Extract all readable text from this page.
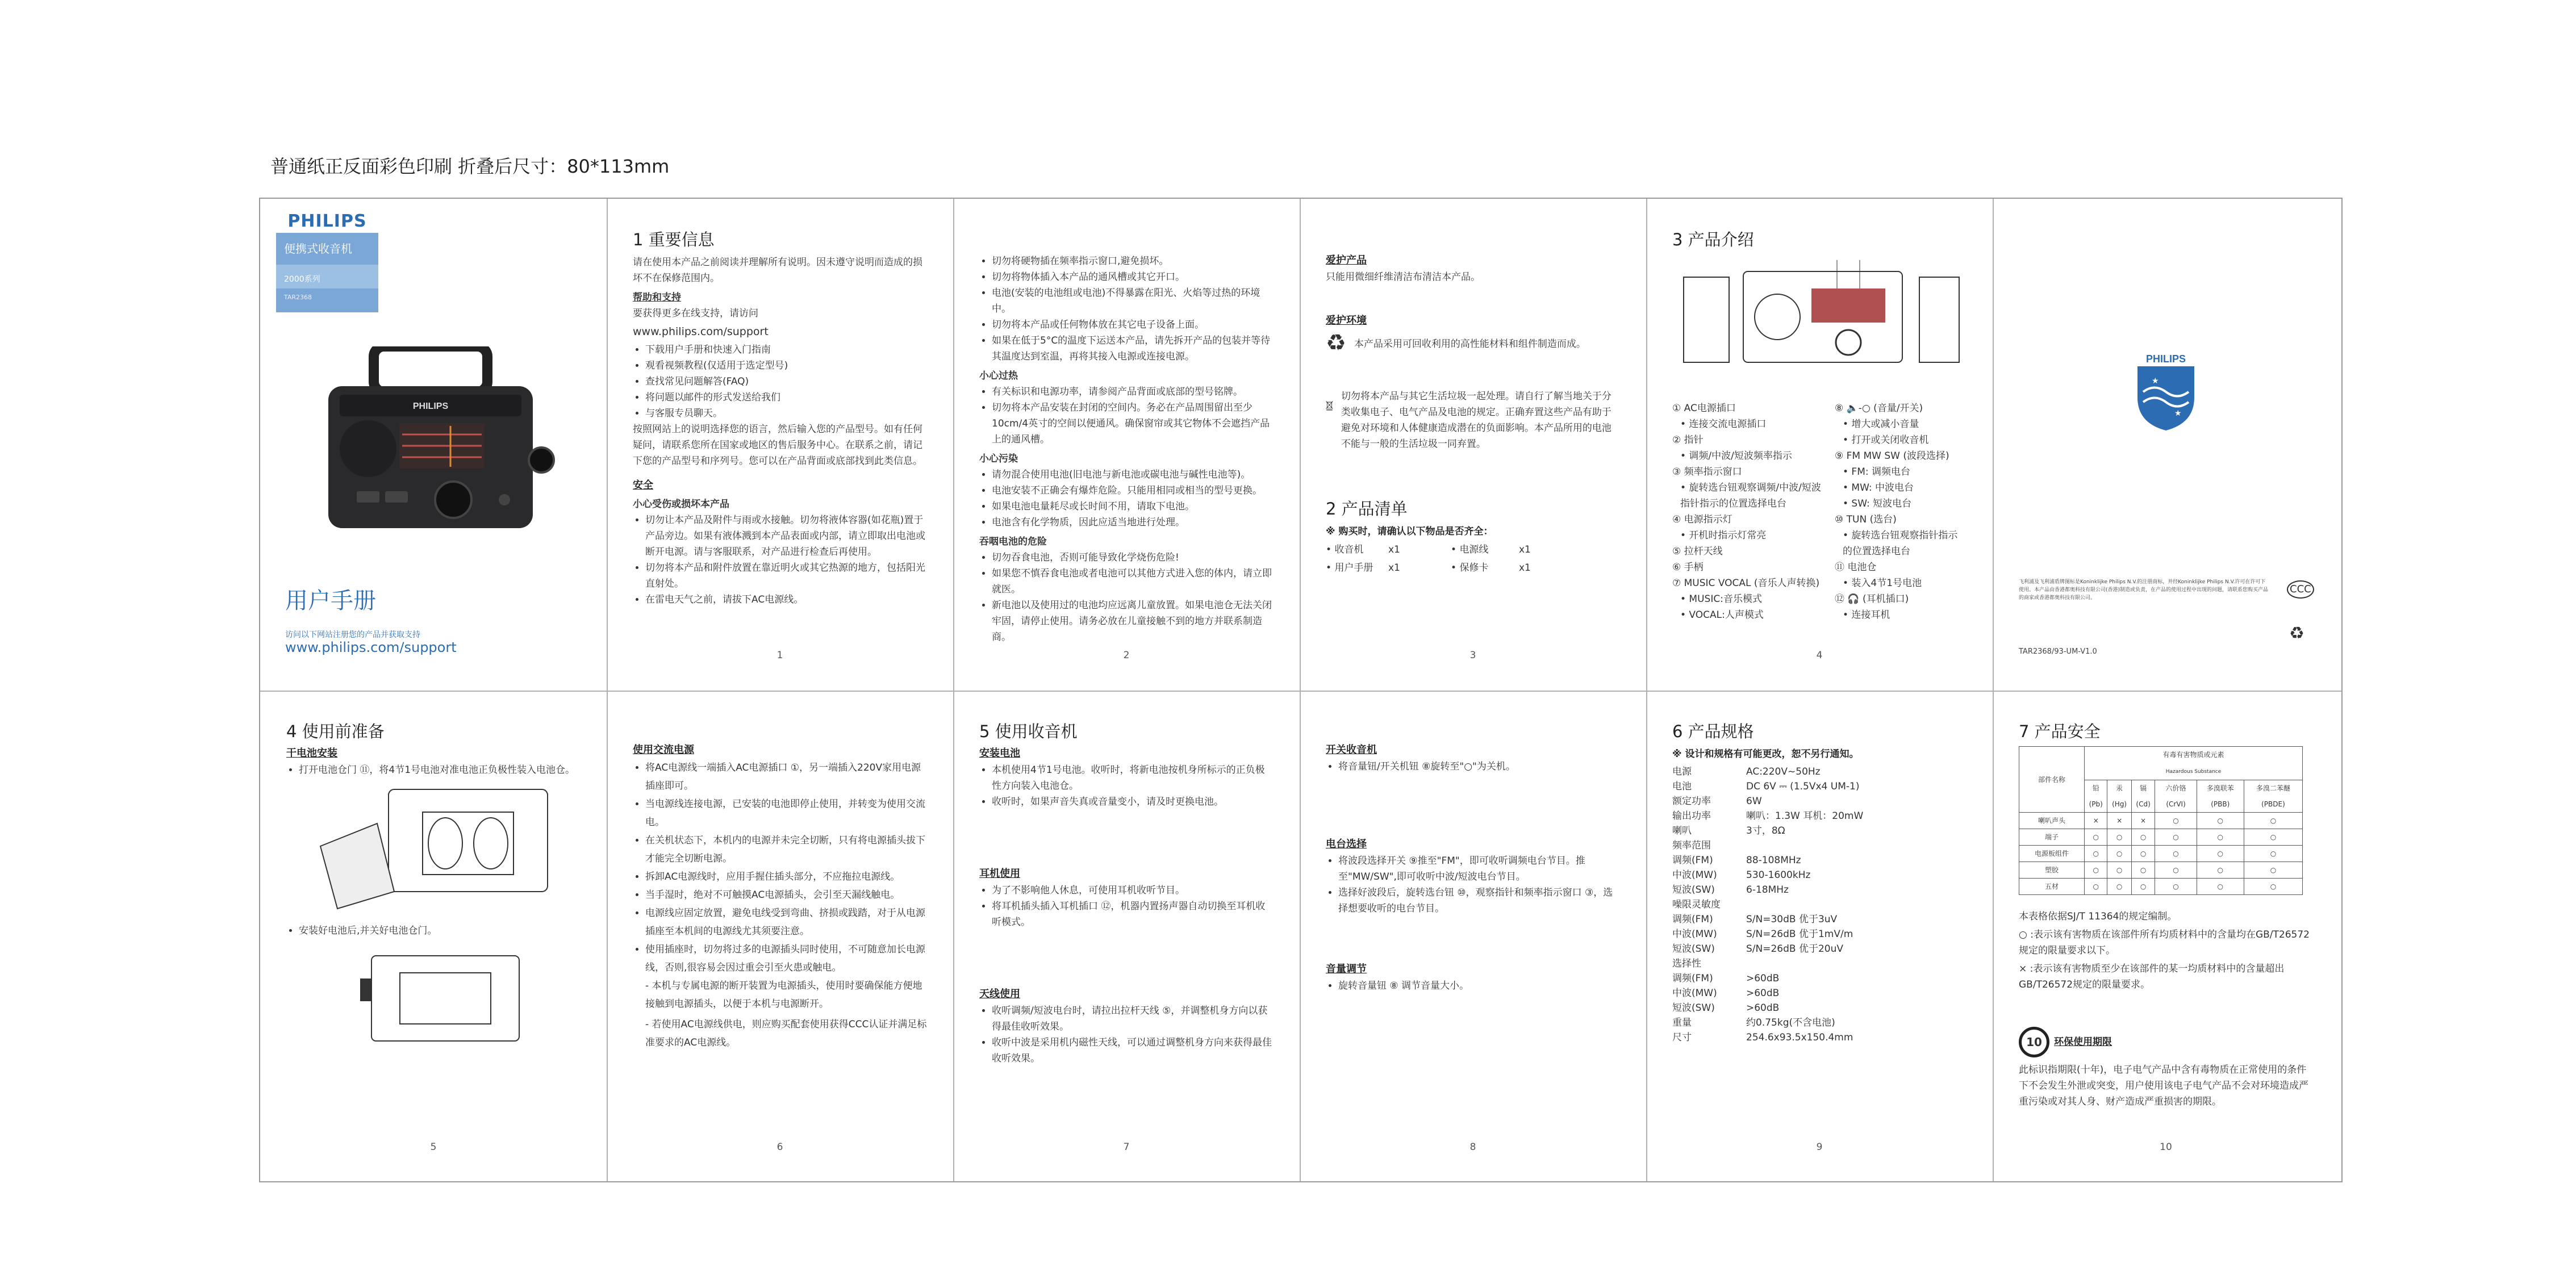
普通纸正反面彩色印刷 折叠后尺寸：80*113mm
PHILIPS
便携式收音机
2000系列
TAR2368
PHILIPS
用户手册
访问以下网站注册您的产品并获取支持
www.philips.com/support
1 重要信息

请在使用本产品之前阅读并理解所有说明。因未遵守说明而造成的损坏不在保修范围内。

帮助和支持

要获得更多在线支持，请访问

www.philips.com/support

• 下载用户手册和快速入门指南
• 观看视频教程(仅适用于选定型号)
• 查找常见问题解答(FAQ)
• 将问题以邮件的形式发送给我们
• 与客服专员聊天。

按照网站上的说明选择您的语言，然后输入您的产品型号。如有任何疑问，请联系您所在国家或地区的售后服务中心。在联系之前，请记下您的产品型号和序列号。您可以在产品背面或底部找到此类信息。

安全
小心受伤或损坏本产品
• 切勿让本产品及附件与雨或水接触。切勿将液体容器(如花瓶)置于产品旁边。如果有液体溅到本产品表面或内部，请立即取出电池或断开电源。请与客服联系，对产品进行检查后再使用。
• 切勿将本产品和附件放置在靠近明火或其它热源的地方，包括阳光直射处。
• 在雷电天气之前，请拔下AC电源线。
1
• 切勿将硬物插在频率指示窗口,避免损坏。
• 切勿将物体插入本产品的通风槽或其它开口。
• 电池(安装的电池组或电池)不得暴露在阳光、火焰等过热的环境中。
• 切勿将本产品或任何物体放在其它电子设备上面。
• 如果在低于5°C的温度下运送本产品，请先拆开产品的包装并等待其温度达到室温，再将其接入电源或连接电源。
小心过热
• 有关标识和电源功率，请参阅产品背面或底部的型号铭牌。
• 切勿将本产品安装在封闭的空间内。务必在产品周围留出至少10cm/4英寸的空间以便通风。确保窗帘或其它物体不会遮挡产品上的通风槽。
小心污染
• 请勿混合使用电池(旧电池与新电池或碳电池与碱性电池等)。
• 电池安装不正确会有爆炸危险。只能用相同或相当的型号更换。
• 如果电池电量耗尽或长时间不用，请取下电池。
• 电池含有化学物质，因此应适当地进行处理。
吞咽电池的危险
• 切勿吞食电池，否则可能导致化学烧伤危险!
• 如果您不慎吞食电池或者电池可以其他方式进入您的体内，请立即就医。
• 新电池以及使用过的电池均应远离儿童放置。如果电池仓无法关闭牢固，请停止使用。请务必放在儿童接触不到的地方并联系制造商。
2
爱护产品

只能用微细纤维清洁布清洁本产品。

爱护环境
♻ 本产品采用可回收利用的高性能材料和组件制造而成。

切勿将本产品与其它生活垃圾一起处理。请自行了解当地关于分类收集电子、电气产品及电池的规定。正确弃置这些产品有助于避免对环境和人体健康造成潜在的负面影响。本产品所用的电池不能与一般的生活垃圾一同弃置。

2 产品清单

※ 购买时，请确认以下物品是否齐全：

• 收音机	x1	• 电源线	x1
• 用户手册	x1	• 保修卡	x1
3
3 产品介绍
① AC电源插口
• 连接交流电源插口
② 指针
• 调频/中波/短波频率指示
③ 频率指示窗口
• 旋转选台钮观察调频/中波/短波指针指示的位置选择电台
④ 电源指示灯
• 开机时指示灯常亮
⑤ 拉杆天线
⑥ 手柄
⑦ MUSIC VOCAL (音乐人声转换)
• MUSIC:音乐模式
• VOCAL:人声模式
⑧ 🔈-○ (音量/开关)
• 增大或减小音量
• 打开或关闭收音机
⑨ FM MW SW (波段选择)
• FM: 调频电台
• MW: 中波电台
• SW: 短波电台
⑩ TUN (选台)
• 旋转选台钮观察指针指示的位置选择电台
⑪ 电池仓
• 装入4节1号电池
⑫ 🎧 (耳机插口)
• 连接耳机
4
PHILIPS
★
★

飞利浦及飞利浦盾牌图标是Koninklijke Philips N.V.的注册商标，并经Koninklijke Philips N.V.许可在许可下使用。本产品由香港都奥科技有限公司(香港)制造或负责，在产品的使用过程中出现的问题，请联系您购买产品的商家或香港都奥科技有限公司。

CCC
TAR2368/93-UM-V1.0
♻
4 使用前准备
干电池安装
• 打开电池仓门 ⑪，将4节1号电池对准电池正负极性装入电池仓。
• 安装好电池后,并关好电池仓门。
5
使用交流电源
• 将AC电源线一端插入AC电源插口 ①，另一端插入220V家用电源插座即可。
• 当电源线连接电源，已安装的电池即停止使用，并转变为使用交流电。
• 在关机状态下，本机内的电源并未完全切断，只有将电源插头拔下才能完全切断电源。
• 拆卸AC电源线时，应用手握住插头部分，不应拖拉电源线。
• 当手湿时，绝对不可触摸AC电源插头，会引至天漏线触电。
• 电源线应固定放置，避免电线受到弯曲、挤损或践踏，对于从电源插座至本机间的电源线尤其须要注意。
• 使用插座时，切勿将过多的电源插头同时使用，不可随意加长电源线，否则,很容易会因过重会引至火患或触电。

- 本机与专属电源的断开装置为电源插头，使用时要确保能方便地接触到电源插头，以便于本机与电源断开。

- 若使用AC电源线供电，则应购买配套使用获得CCC认证并满足标准要求的AC电源线。

6
5 使用收音机
安装电池
• 本机使用4节1号电池。收听时，将新电池按机身所标示的正负极性方向装入电池仓。
• 收听时，如果声音失真或音量变小，请及时更换电池。
耳机使用
• 为了不影响他人休息，可使用耳机收听节目。
• 将耳机插头插入耳机插口 ⑫，机器内置扬声器自动切换至耳机收听模式。
天线使用
• 收听调频/短波电台时，请拉出拉杆天线 ⑤，并调整机身方向以获得最佳收听效果。
• 收听中波是采用机内磁性天线，可以通过调整机身方向来获得最佳收听效果。
7
开关收音机
• 将音量钮/开关机钮 ⑧旋转至"○"为关机。
电台选择
• 将波段选择开关 ⑨推至"FM"，即可收听调频电台节目。推至"MW/SW",即可收听中波/短波电台节目。
• 选择好波段后，旋转选台钮 ⑩，观察指针和频率指示窗口 ③，选择想要收听的电台节目。
音量调节
• 旋转音量钮 ⑧ 调节音量大小。
8
6 产品规格

※ 设计和规格有可能更改，恕不另行通知。

电源	AC:220V~50Hz
电池	DC 6V ⎓ (1.5Vx4 UM-1)
额定功率	6W
输出功率	喇叭：1.3W 耳机：20mW
喇叭	3寸，8Ω
频率范围
调频(FM)	88-108MHz
中波(MW)	530-1600kHz
短波(SW)	6-18MHz
噪限灵敏度
调频(FM)	S/N=30dB 优于3uV
中波(MW)	S/N=26dB 优于1mV/m
短波(SW)	S/N=26dB 优于20uV
选择性
调频(FM)	>60dB
中波(MW)	>60dB
短波(SW)	>60dB
重量	约0.75kg(不含电池)
尺寸	254.6x93.5x150.4mm
9
7 产品安全
部件名称	有毒有害物质或元素
Hazardous Substance					
	铅(Pb)	汞(Hg)	镉(Cd)	六价铬(CrVI)	多溴联苯(PBB)	多溴二苯醚(PBDE)
喇叭声头	×	×	×	○	○	○
端子	○	○	○	○	○	○
电源板组件	○	○	○	○	○	○
塑胶	○	○	○	○	○	○
五材	○	○	○	○	○	○

本表格依据SJ/T 11364的规定编制。

○ :表示该有害物质在该部件所有均质材料中的含量均在GB/T26572规定的限量要求以下。

× :表示该有害物质至少在该部件的某一均质材料中的含量超出GB/T26572规定的限量要求。

10	环保使用期限

此标识指期限(十年)，电子电气产品中含有毒物质在正常使用的条件下不会发生外泄或突变，用户使用该电子电气产品不会对环境造成严重污染或对其人身、财产造成严重损害的期限。

10
